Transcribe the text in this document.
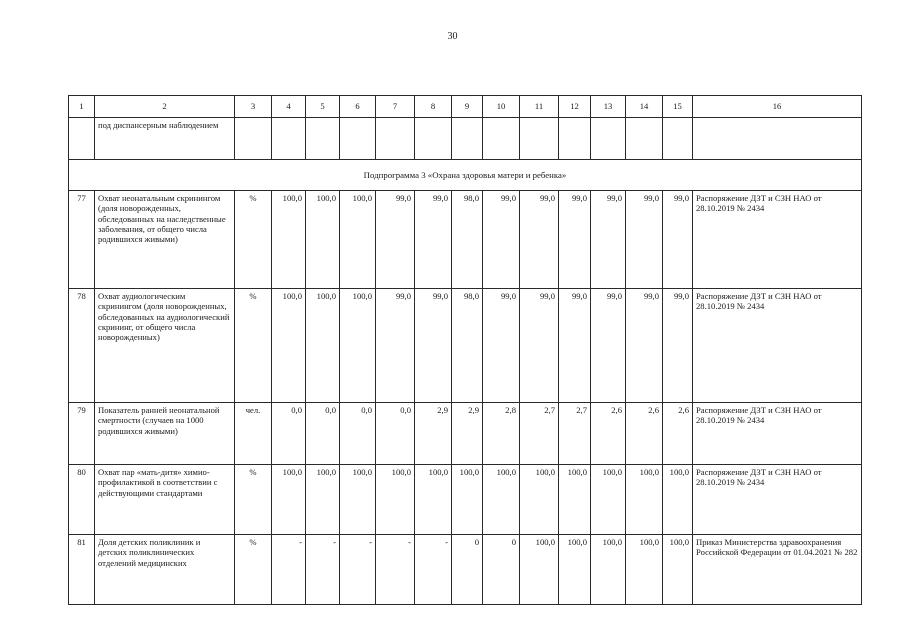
30
1	2	3	4	5	6	7	8	9	10	11	12	13	14	15	16
	под диспансерным наблюдением														
Подпрограмма 3 «Охрана здоровья матери и ребенка»															
77	Охват неонатальным скринингом (доля новорожденных, обследованных на наследственные заболевания, от общего числа родившихся живыми)	%	100,0	100,0	100,0	99,0	99,0	98,0	99,0	99,0	99,0	99,0	99,0	99,0	Распоряжение ДЗТ и СЗН НАО от 28.10.2019 № 2434
78	Охват аудиологическим скринингом (доля новорожденных, обследованных на аудиологический скрининг, от общего числа новорожденных)	%	100,0	100,0	100,0	99,0	99,0	98,0	99,0	99,0	99,0	99,0	99,0	99,0	Распоряжение ДЗТ и СЗН НАО от 28.10.2019 № 2434
79	Показатель ранней неонатальной смертности (случаев на 1000 родившихся живыми)	чел.	0,0	0,0	0,0	0,0	2,9	2,9	2,8	2,7	2,7	2,6	2,6	2,6	Распоряжение ДЗТ и СЗН НАО от 28.10.2019 № 2434
80	Охват пар «мать-дитя» химио-профилактикой в соответствии с действующими стандартами	%	100,0	100,0	100,0	100,0	100,0	100,0	100,0	100,0	100,0	100,0	100,0	100,0	Распоряжение ДЗТ и СЗН НАО от 28.10.2019 № 2434
81	Доля детских поликлиник и детских поликлинических отделений медицинских	%	-	-	-	-	-	0	0	100,0	100,0	100,0	100,0	100,0	Приказ Министерства здравоохранения Российской Федерации от 01.04.2021 № 282
